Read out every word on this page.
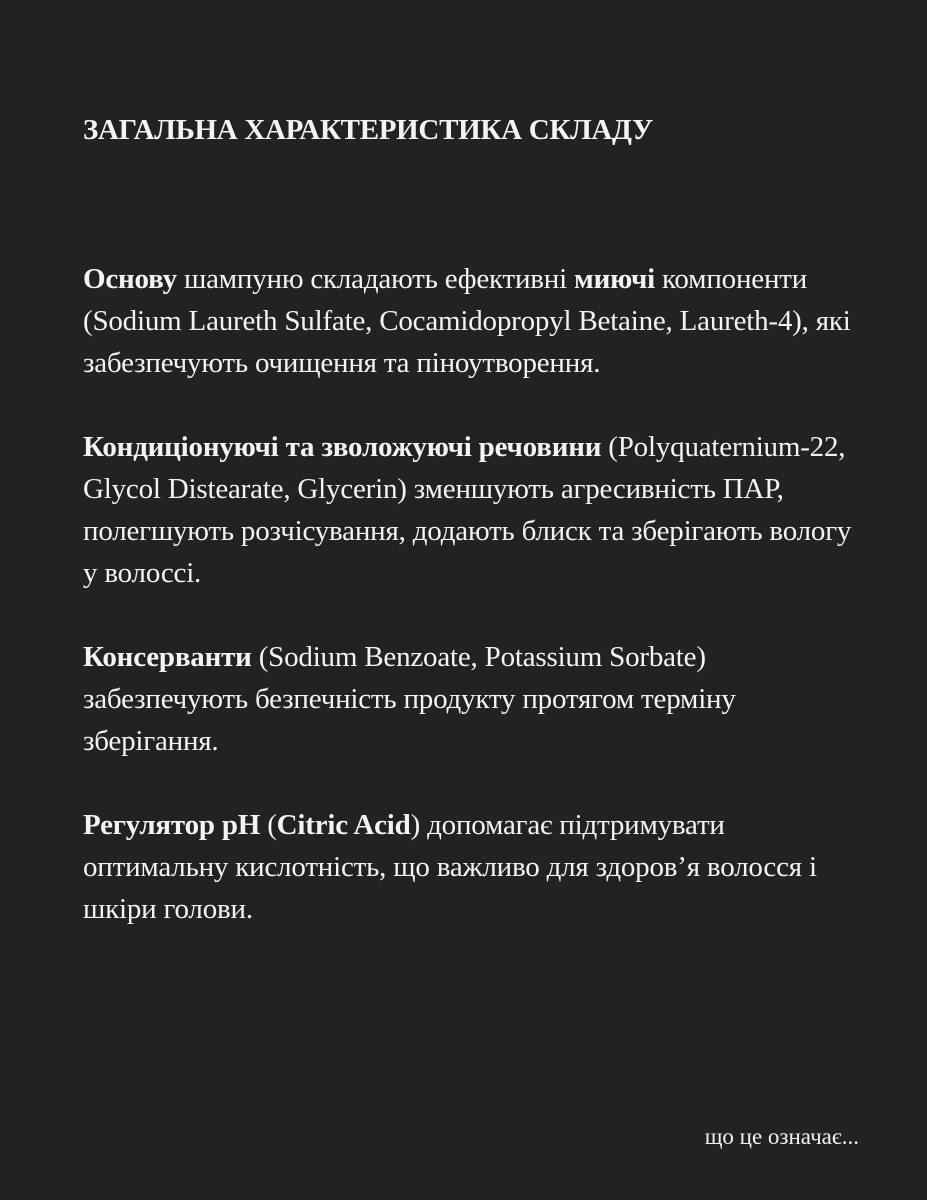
ЗАГАЛЬНА ХАРАКТЕРИСТИКА СКЛАДУ

Основу шампуню складають ефективні миючі компоненти (Sodium Laureth Sulfate, Cocamidopropyl Betaine, Laureth-4), які забезпечують очищення та піноутворення.

Кондиціонуючі та зволожуючі речовини (Polyquaternium-22, Glycol Distearate, Glycerin) зменшують агресивність ПАР, полегшують розчісування, додають блиск та зберігають вологу у волоссі.

Консерванти (Sodium Benzoate, Potassium Sorbate) забезпечують безпечність продукту протягом терміну зберігання.

Регулятор pH (Citric Acid) допомагає підтримувати оптимальну кислотність, що важливо для здоров’я волосся і шкіри голови.

що це означає...
